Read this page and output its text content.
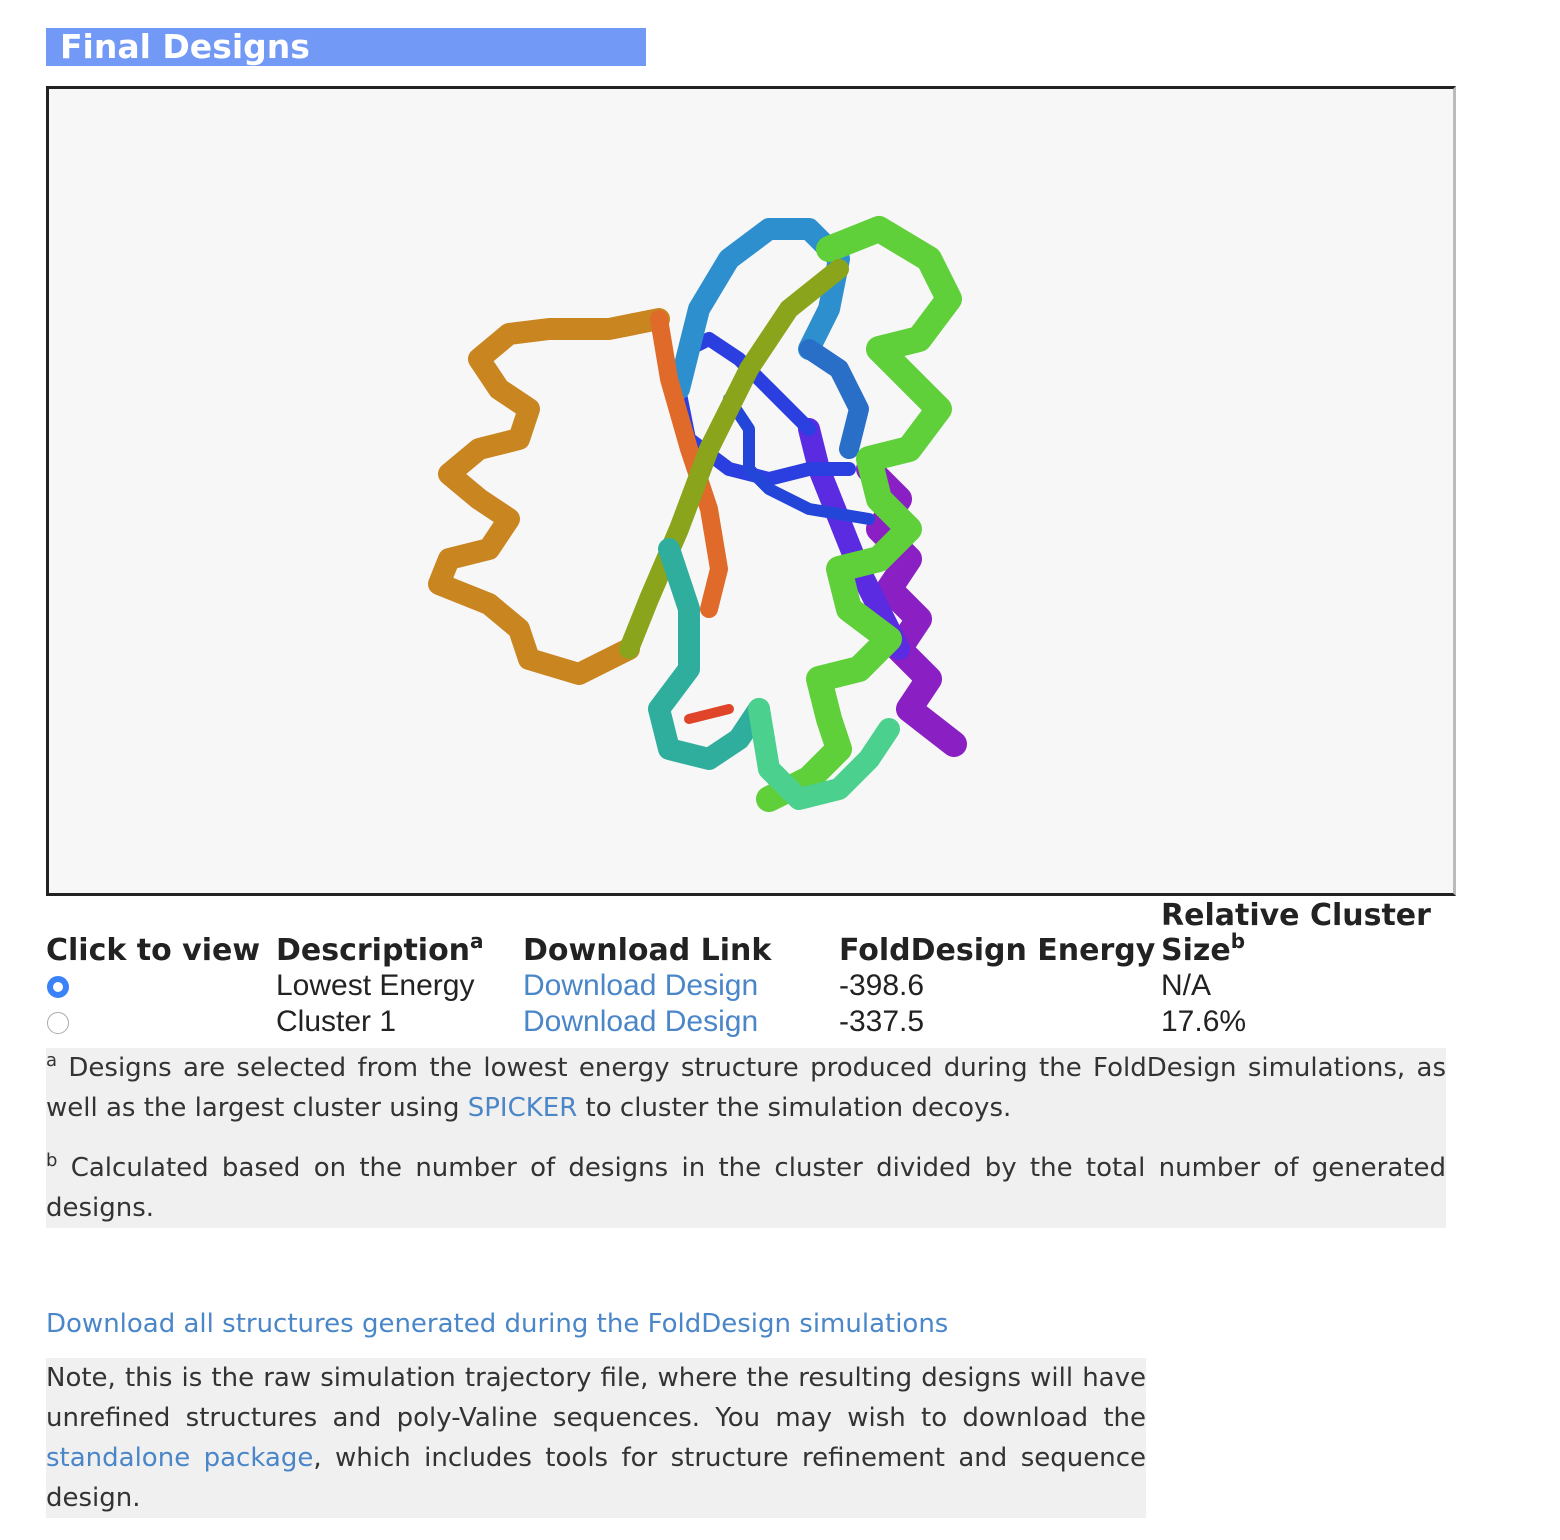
Final Designs
Click to view	Description$^a$	Download Link	FoldDesign Energy	Relative Cluster Size$^b$
	Lowest Energy	Download Design	-398.6	N/A
	Cluster 1	Download Design	-337.5	17.6%

$^a$ Designs are selected from the lowest energy structure produced during the FoldDesign simulations, as well as the largest cluster using SPICKER to cluster the simulation decoys.

$^b$ Calculated based on the number of designs in the cluster divided by the total number of generated designs.

Download all structures generated during the FoldDesign simulations

Note, this is the raw simulation trajectory file, where the resulting designs will have unrefined structures and poly-Valine sequences. You may wish to download the standalone package, which includes tools for structure refinement and sequence design.
